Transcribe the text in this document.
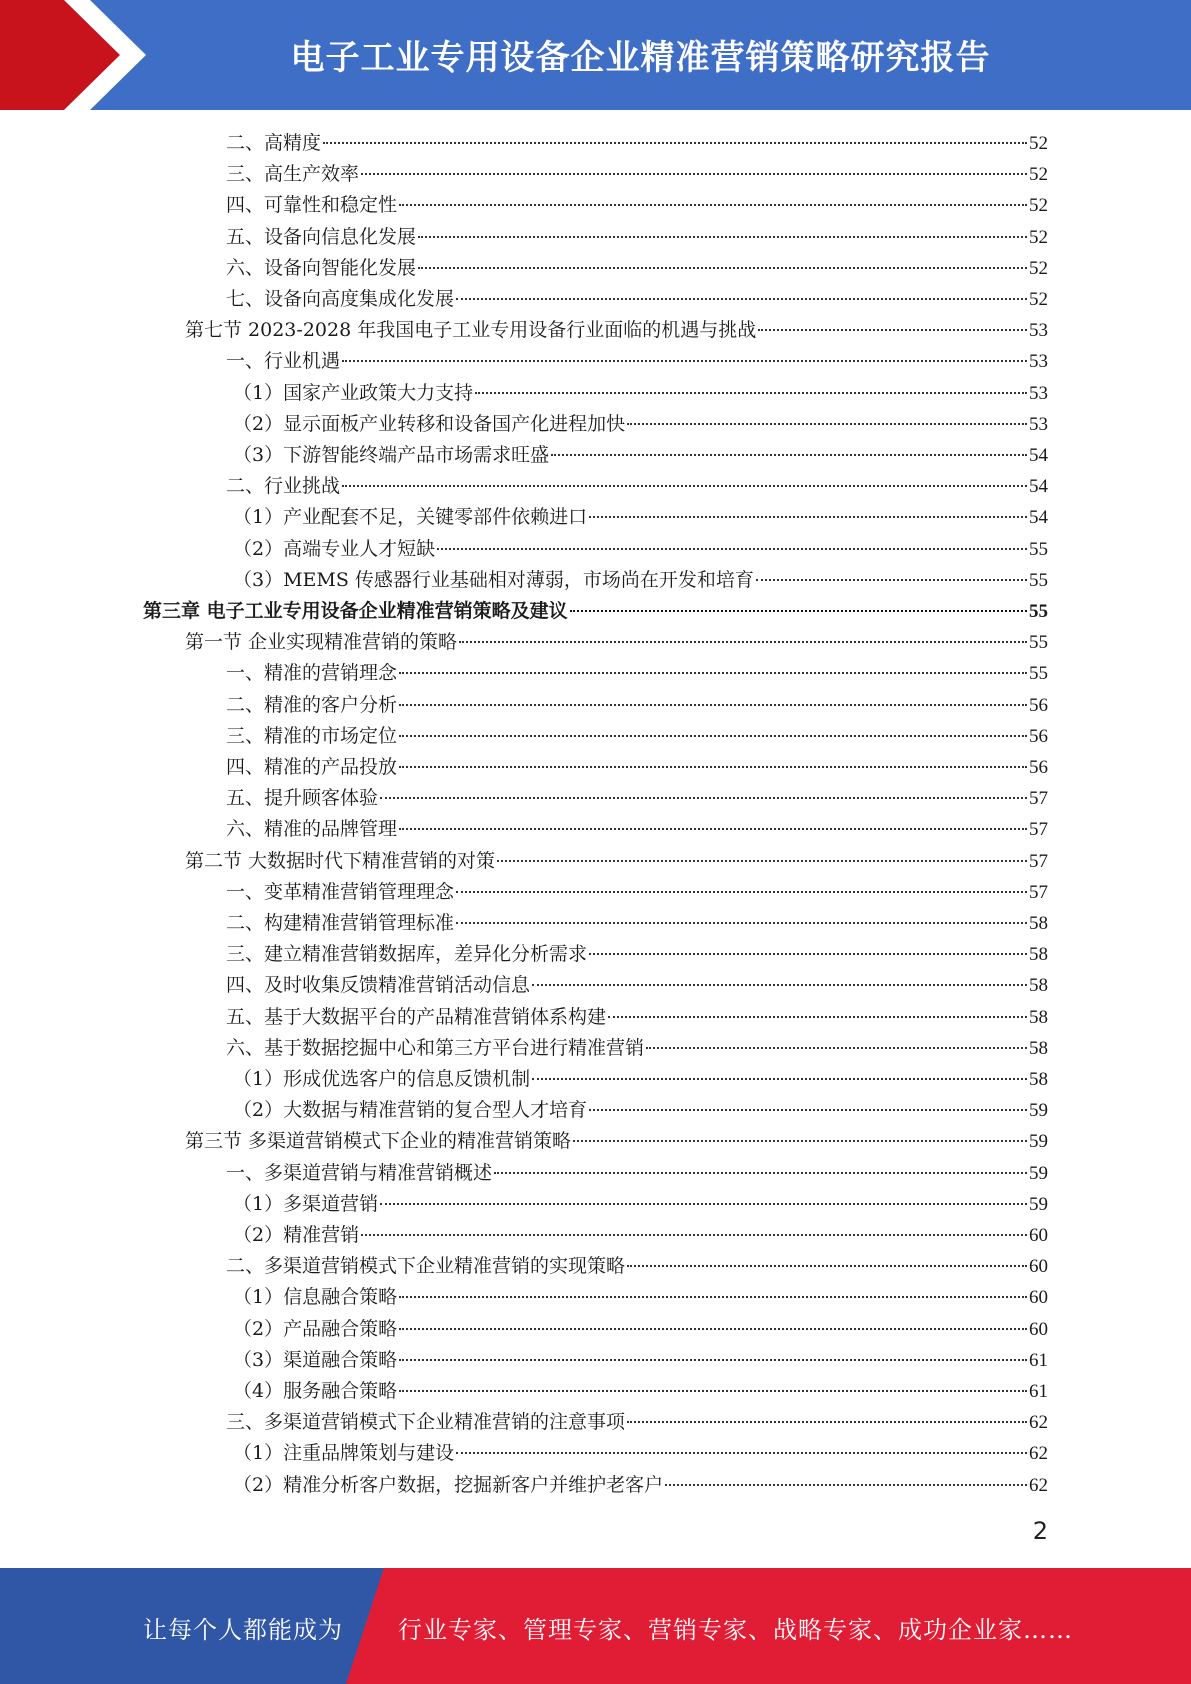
电子工业专用设备企业精准营销策略研究报告
二、高精度	52
三、高生产效率	52
四、可靠性和稳定性	52
五、设备向信息化发展	52
六、设备向智能化发展	52
七、设备向高度集成化发展	52
第七节 2023-2028 年我国电子工业专用设备行业面临的机遇与挑战	53
一、行业机遇	53
（1）国家产业政策大力支持	53
（2）显示面板产业转移和设备国产化进程加快	53
（3）下游智能终端产品市场需求旺盛	54
二、行业挑战	54
（1）产业配套不足，关键零部件依赖进口	54
（2）高端专业人才短缺	55
（3）MEMS 传感器行业基础相对薄弱，市场尚在开发和培育	55
第三章 电子工业专用设备企业精准营销策略及建议	55
第一节 企业实现精准营销的策略	55
一、精准的营销理念	55
二、精准的客户分析	56
三、精准的市场定位	56
四、精准的产品投放	56
五、提升顾客体验	57
六、精准的品牌管理	57
第二节 大数据时代下精准营销的对策	57
一、变革精准营销管理理念	57
二、构建精准营销管理标准	58
三、建立精准营销数据库，差异化分析需求	58
四、及时收集反馈精准营销活动信息	58
五、基于大数据平台的产品精准营销体系构建	58
六、基于数据挖掘中心和第三方平台进行精准营销	58
（1）形成优选客户的信息反馈机制	58
（2）大数据与精准营销的复合型人才培育	59
第三节 多渠道营销模式下企业的精准营销策略	59
一、多渠道营销与精准营销概述	59
（1）多渠道营销	59
（2）精准营销	60
二、多渠道营销模式下企业精准营销的实现策略	60
（1）信息融合策略	60
（2）产品融合策略	60
（3）渠道融合策略	61
（4）服务融合策略	61
三、多渠道营销模式下企业精准营销的注意事项	62
（1）注重品牌策划与建设	62
（2）精准分析客户数据，挖掘新客户并维护老客户	62
2
让每个人都能成为 行业专家、管理专家、营销专家、战略专家、成功企业家……
